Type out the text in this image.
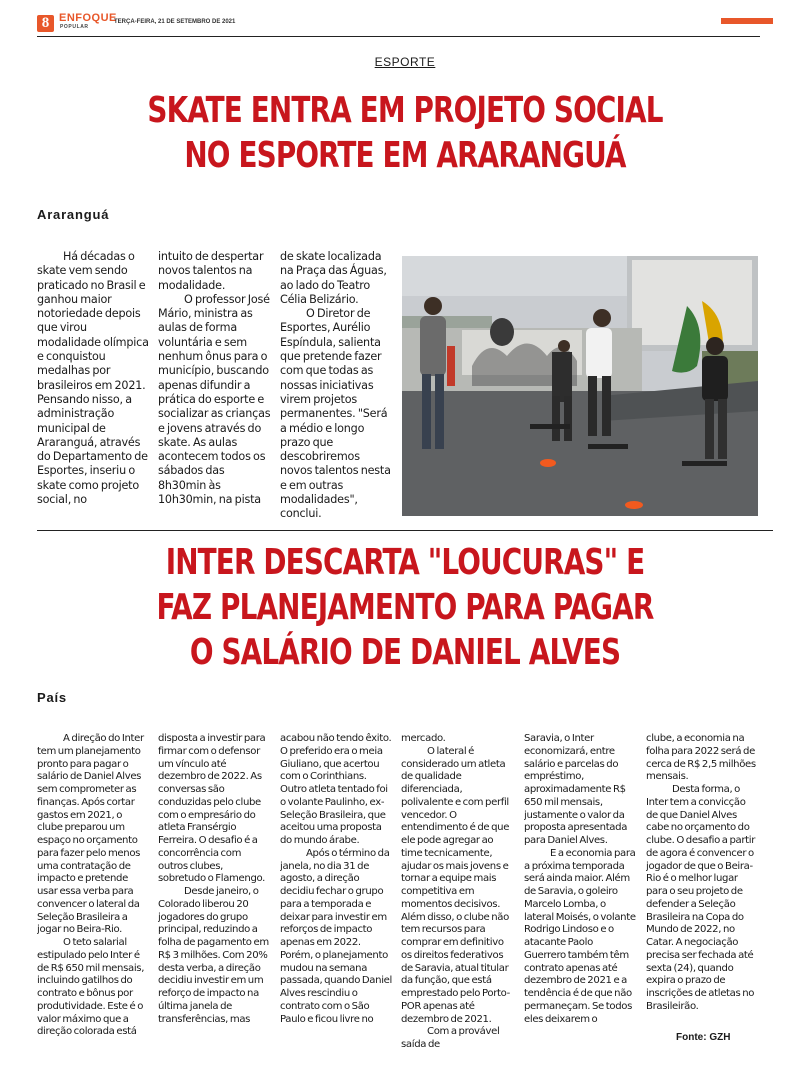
8 ENFOQUE
POPULAR
TERÇA-FEIRA, 21 DE SETEMBRO DE 2021
ESPORTE
SKATE ENTRA EM PROJETO SOCIAL
NO ESPORTE EM ARARANGUÁ
Araranguá

Há décadas o skate vem sendo praticado no Brasil e ganhou maior notoriedade depois que virou modalidade olímpica e conquistou medalhas por brasileiros em 2021. Pensando nisso, a administração municipal de Araranguá, através do Departamento de Esportes, inseriu o skate como projeto social, no

intuito de despertar novos talentos na modalidade.

O professor José Mário, ministra as aulas de forma voluntária e sem nenhum ônus para o município, buscando apenas difundir a prática do esporte e socializar as crianças e jovens através do skate. As aulas acontecem todos os sábados das 8h30min às 10h30min, na pista

de skate localizada na Praça das Águas, ao lado do Teatro Célia Belizário.

O Diretor de Esportes, Aurélio Espíndula, salienta que pretende fazer com que todas as nossas iniciativas virem projetos permanentes. "Será a médio e longo prazo que descobriremos novos talentos nesta e em outras modalidades", conclui.

INTER DESCARTA "LOUCURAS" E
FAZ PLANEJAMENTO PARA PAGAR
O SALÁRIO DE DANIEL ALVES
País

A direção do Inter tem um planejamento pronto para pagar o salário de Daniel Alves sem comprometer as finanças. Após cortar gastos em 2021, o clube preparou um espaço no orçamento para fazer pelo menos uma contratação de impacto e pretende usar essa verba para convencer o lateral da Seleção Brasileira a jogar no Beira-Rio.

O teto salarial estipulado pelo Inter é de R$ 650 mil mensais, incluindo gatilhos do contrato e bônus por produtividade. Este é o valor máximo que a direção colorada está

disposta a investir para firmar com o defensor um vínculo até dezembro de 2022. As conversas são conduzidas pelo clube com o empresário do atleta Fransérgio Ferreira. O desafio é a concorrência com outros clubes, sobretudo o Flamengo.

Desde janeiro, o Colorado liberou 20 jogadores do grupo principal, reduzindo a folha de pagamento em R$ 3 milhões. Com 20% desta verba, a direção decidiu investir em um reforço de impacto na última janela de transferências, mas

acabou não tendo êxito. O preferido era o meia Giuliano, que acertou com o Corinthians. Outro atleta tentado foi o volante Paulinho, ex-Seleção Brasileira, que aceitou uma proposta do mundo árabe.

Após o término da janela, no dia 31 de agosto, a direção decidiu fechar o grupo para a temporada e deixar para investir em reforços de impacto apenas em 2022. Porém, o planejamento mudou na semana passada, quando Daniel Alves rescindiu o contrato com o São Paulo e ficou livre no

mercado.

O lateral é considerado um atleta de qualidade diferenciada, polivalente e com perfil vencedor. O entendimento é de que ele pode agregar ao time tecnicamente, ajudar os mais jovens e tornar a equipe mais competitiva em momentos decisivos. Além disso, o clube não tem recursos para comprar em definitivo os direitos federativos de Saravia, atual titular da função, que está emprestado pelo Porto-POR apenas até dezembro de 2021.

Com a provável saída de

Saravia, o Inter economizará, entre salário e parcelas do empréstimo, aproximadamente R$ 650 mil mensais, justamente o valor da proposta apresentada para Daniel Alves.

E a economia para a próxima temporada será ainda maior. Além de Saravia, o goleiro Marcelo Lomba, o lateral Moisés, o volante Rodrigo Lindoso e o atacante Paolo Guerrero também têm contrato apenas até dezembro de 2021 e a tendência é de que não permaneçam. Se todos eles deixarem o

clube, a economia na folha para 2022 será de cerca de R$ 2,5 milhões mensais.

Desta forma, o Inter tem a convicção de que Daniel Alves cabe no orçamento do clube. O desafio a partir de agora é convencer o jogador de que o Beira-Rio é o melhor lugar para o seu projeto de defender a Seleção Brasileira na Copa do Mundo de 2022, no Catar. A negociação precisa ser fechada até sexta (24), quando expira o prazo de inscrições de atletas no Brasileirão.

Fonte: GZH
